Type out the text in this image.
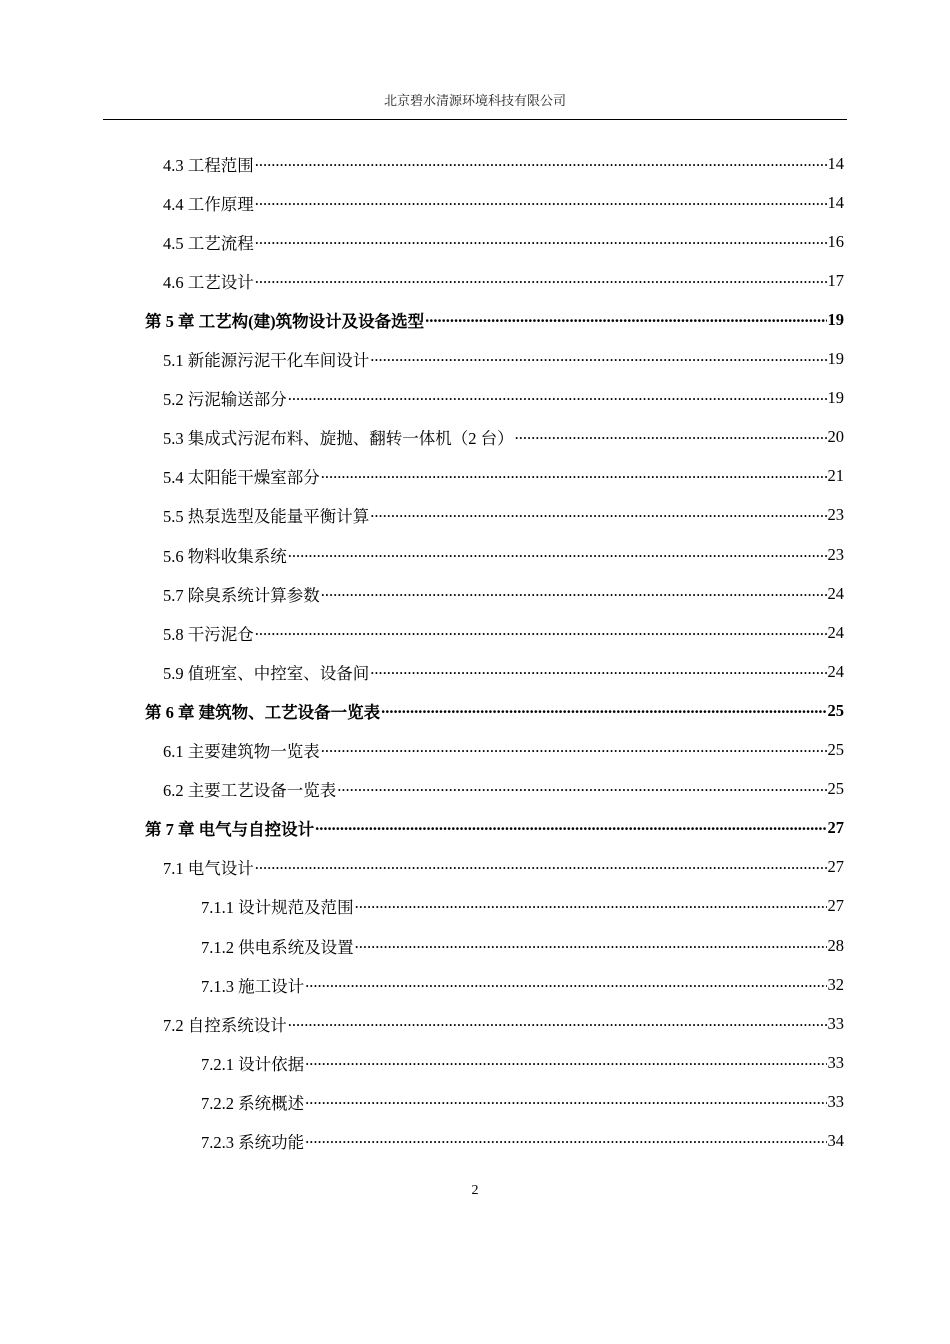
北京碧水清源环境科技有限公司
4.3 工程范围 .....	14
4.4 工作原理 .....	14
4.5 工艺流程 .....	16
4.6 工艺设计 .....	17
第 5 章 工艺构(建)筑物设计及设备选型 .....	19
5.1 新能源污泥干化车间设计 .....	19
5.2 污泥输送部分 .....	19
5.3 集成式污泥布料、旋抛、翻转一体机（2 台） .....	20
5.4 太阳能干燥室部分 .....	21
5.5 热泵选型及能量平衡计算 .....	23
5.6 物料收集系统 .....	23
5.7 除臭系统计算参数 .....	24
5.8 干污泥仓 .....	24
5.9 值班室、中控室、设备间 .....	24
第 6 章 建筑物、工艺设备一览表 .....	25
6.1 主要建筑物一览表 .....	25
6.2 主要工艺设备一览表 .....	25
第 7 章 电气与自控设计 .....	27
7.1 电气设计 .....	27
7.1.1 设计规范及范围 .....	27
7.1.2 供电系统及设置 .....	28
7.1.3 施工设计 .....	32
7.2 自控系统设计 .....	33
7.2.1 设计依据 .....	33
7.2.2 系统概述 .....	33
7.2.3 系统功能 .....	34
2
